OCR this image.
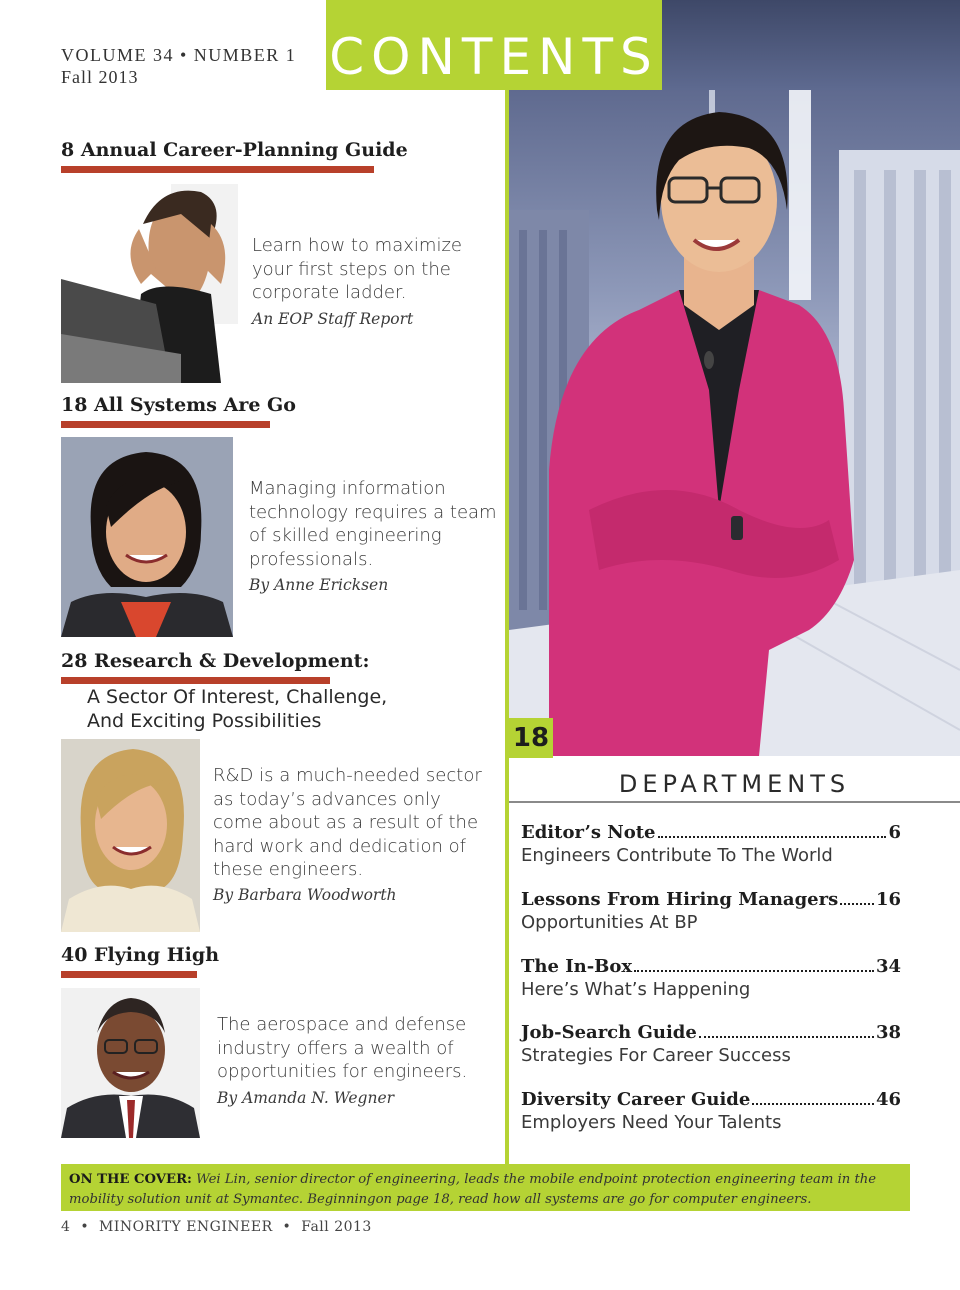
VOLUME 34 • NUMBER 1
Fall 2013	CONTENTS
18
8 Annual Career-Planning Guide
Learn how to maximize
your first steps on the
corporate ladder.
An EOP Staff Report
18 All Systems Are Go
Managing information
technology requires a team
of skilled engineering
professionals.
By Anne Ericksen
28 Research & Development:
A Sector Of Interest, Challenge,
And Exciting Possibilities
R&D is a much-needed sector
as today’s advances only
come about as a result of the
hard work and dedication of
these engineers.
By Barbara Woodworth
40 Flying High
The aerospace and defense
industry offers a wealth of
opportunities for engineers.
By Amanda N. Wegner
DEPARTMENTS
Editor’s Note	6
Engineers Contribute To The World
Lessons From Hiring Managers 16
Opportunities At BP
The In-Box	34
Here’s What’s Happening
Job-Search Guide	38
Strategies For Career Success
Diversity Career Guide	46
Employers Need Your Talents
ON THE COVER: Wei Lin, senior director of engineering, leads the mobile endpoint protection engineering team in the mobility solution unit at Symantec. Beginningon page 18, read how all systems are go for computer engineers.
4  •  MINORITY ENGINEER  •  Fall 2013
